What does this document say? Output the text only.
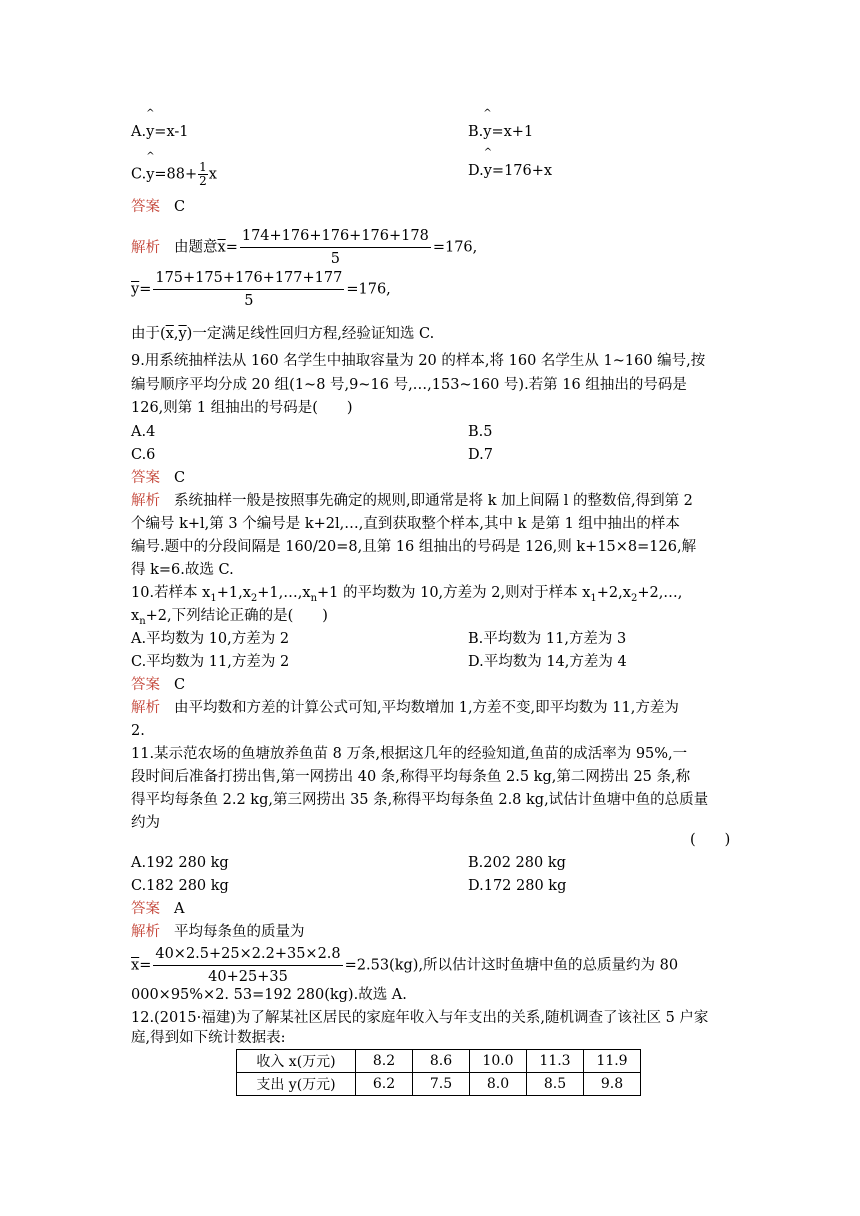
A.
^
y=x-1	B.
^
y=x+1
C.
^
$y=88+ \frac{1}{2}$ x	D.
^
y=176+x
答案 C
解析 由题意$\overline{x}= \frac{174+176+176+176+178}{5} =176$,
$\overline{y}= \frac{175+175+176+177+177}{5} =176$,
由于$(\overline{x},\overline{y})$一定满足线性回归方程,经验证知选 C.
9.用系统抽样法从 160 名学生中抽取容量为 20 的样本,将 160 名学生从 1~160 编号,按
编号顺序平均分成 20 组(1~8 号,9~16 号,…,153~160 号).若第 16 组抽出的号码是
126,则第 1 组抽出的号码是(　　)
A.4	B.5
C.6	D.7
答案 C
解析 系统抽样一般是按照事先确定的规则,即通常是将 k 加上间隔 l 的整数倍,得到第 2
个编号 k+l,第 3 个编号是 k+2l,…,直到获取整个样本,其中 k 是第 1 组中抽出的样本
编号.题中的分段间隔是 160/20=8,且第 16 组抽出的号码是 126,则 k+15×8=126,解
得 k=6.故选 C.
10.若样本 $x_1+1,x_2+1,\dots,x_n+1$ 的平均数为 10,方差为 2,则对于样本 $x_1+2,x_2+2,\dots$,
$x_n+2$,下列结论正确的是(　　)
A.平均数为 10,方差为 2	B.平均数为 11,方差为 3
C.平均数为 11,方差为 2	D.平均数为 14,方差为 4
答案 C
解析 由平均数和方差的计算公式可知,平均数增加 1,方差不变,即平均数为 11,方差为
2.
11.某示范农场的鱼塘放养鱼苗 8 万条,根据这几年的经验知道,鱼苗的成活率为 95%,一
段时间后准备打捞出售,第一网捞出 40 条,称得平均每条鱼 2.5 kg,第二网捞出 25 条,称
得平均每条鱼 2.2 kg,第三网捞出 35 条,称得平均每条鱼 2.8 kg,试估计鱼塘中鱼的总质量
约为
(　　)
A.192 280 kg	B.202 280 kg
C.182 280 kg	D.172 280 kg
答案 A
解析 平均每条鱼的质量为
$\overline{x}= \frac{40\times 2.5+25\times 2.2+35\times 2.8}{40+25+35} =2.53(kg)$,所以估计这时鱼塘中鱼的总质量约为 80
000×95%×2. 53=192 280(kg).故选 A.
12.(2015·福建)为了解某社区居民的家庭年收入与年支出的关系,随机调查了该社区 5 户家
庭,得到如下统计数据表:
收入 x(万元)	8.2	8.6	10.0	11.3	11.9
支出 y(万元)	6.2	7.5	8.0	8.5	9.8
